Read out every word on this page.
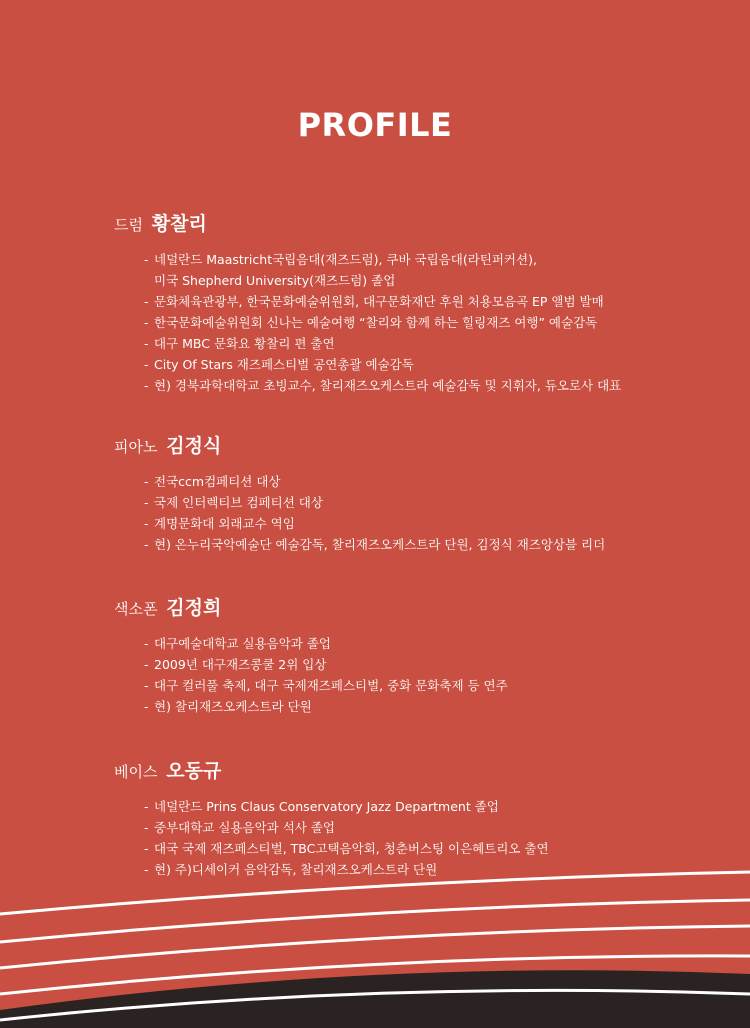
PROFILE
드럼 황찰리
- 네덜란드 Maastricht국립음대(재즈드럼), 쿠바 국립음대(라틴퍼커션),
미국 Shepherd University(재즈드럼) 졸업
- 문화체육관광부, 한국문화예술위원회, 대구문화재단 후원 처용모음곡 EP 앨범 발매
- 한국문화예술위원회 신나는 예술여행 “찰리와 함께 하는 힐링재즈 여행” 예술감독
- 대구 MBC 문화요 황찰리 편 출연
- City Of Stars 재즈페스티벌 공연총괄 예술감독
- 현) 경북과학대학교 초빙교수, 찰리재즈오케스트라 예술감독 및 지휘자, 듀오로사 대표
피아노 김정식
- 전국ccm컴페티션 대상
- 국제 인터렉티브 컴페티션 대상
- 계명문화대 외래교수 역임
- 현) 온누리국악예술단 예술감독, 찰리재즈오케스트라 단원, 김정식 재즈앙상블 리더
색소폰 김정희
- 대구예술대학교 실용음악과 졸업
- 2009년 대구재즈콩쿨 2위 입상
- 대구 컬러풀 축제, 대구 국제재즈페스티벌, 중화 문화축제 등 연주
- 현) 찰리재즈오케스트라 단원
베이스 오동규
- 네덜란드 Prins Claus Conservatory Jazz Department 졸업
- 중부대학교 실용음악과 석사 졸업
- 대국 국제 재즈페스티벌, TBC고택음악회, 청춘버스팅 이은혜트리오 출연
- 현) 주)디세이커 음악감독, 찰리재즈오케스트라 단원
